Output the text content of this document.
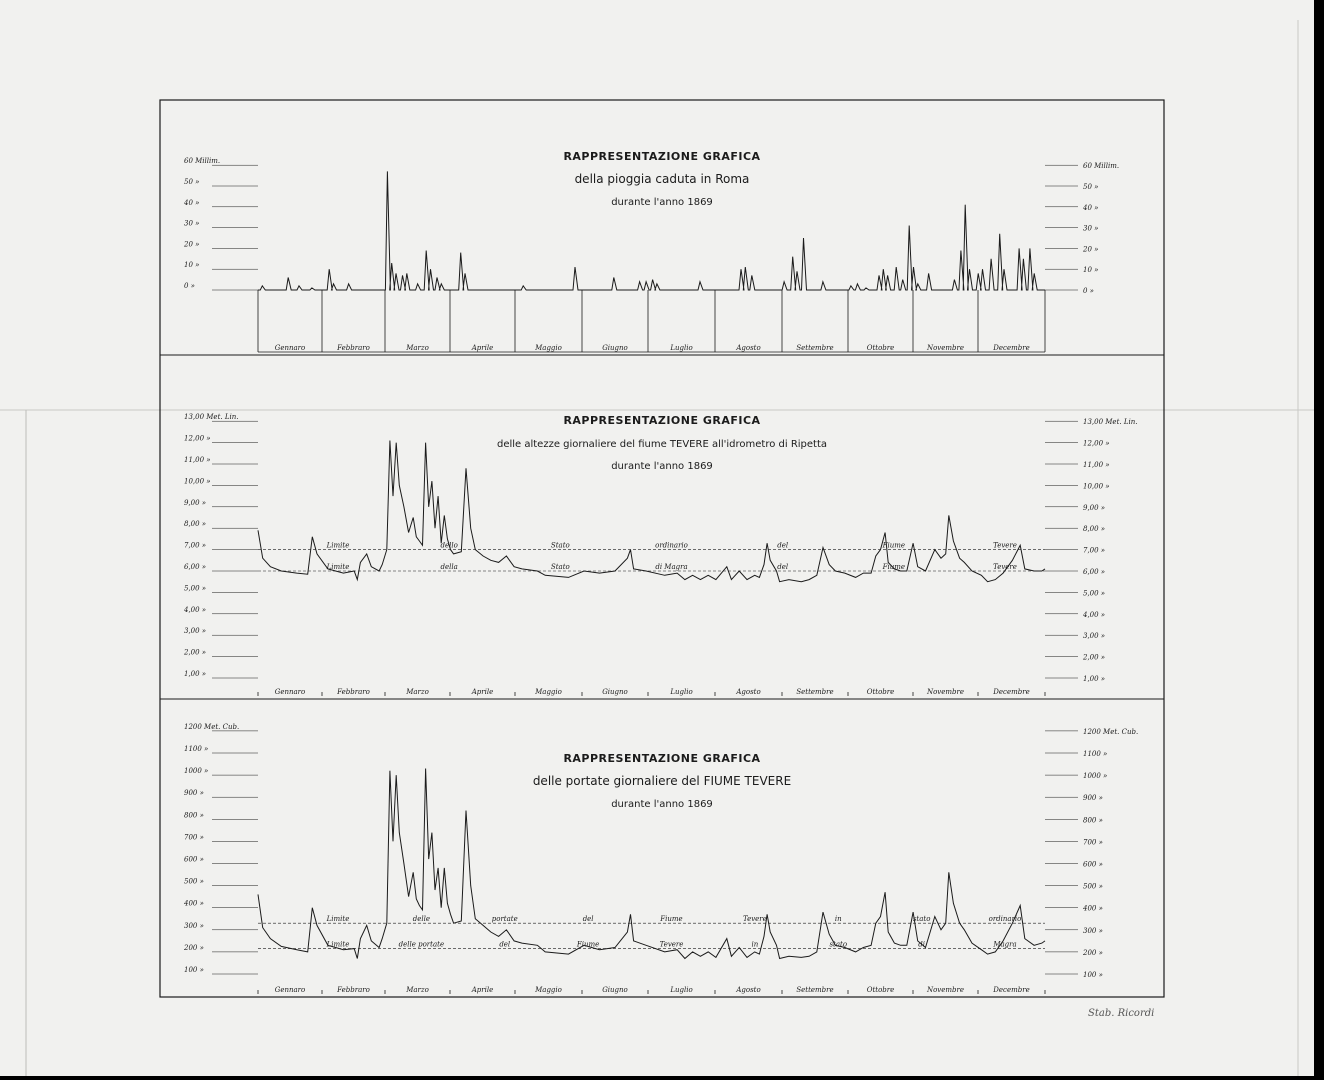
RAPPRESENTAZIONE GRAFICA
della pioggia caduta in Roma
durante l'anno 1869
0 »
0 »
10 »
10 »
20 »
20 »
30 »
30 »
40 »
40 »
50 »
50 »
60 Millim.
60 Millim.
Gennaro	Febbraro	Marzo	Aprile	Maggio	Giugno	Luglio	Agosto	Settembre	Ottobre	Novembre	Decembre
RAPPRESENTAZIONE GRAFICA
delle altezze giornaliere del fiume TEVERE all'idrometro di Ripetta
durante l'anno 1869
1,00 »
1,00 »
2,00 »
2,00 »
3,00 »
3,00 »
4,00 »
4,00 »
5,00 »
5,00 »
6,00 »
6,00 »
7,00 »
7,00 »
8,00 »
8,00 »
9,00 »
9,00 »
10,00 »
10,00 »
11,00 »
11,00 »
12,00 »
12,00 »
13,00 Met. Lin.
13,00 Met. Lin.
Gennaro	Febbraro	Marzo	Aprile	Maggio	Giugno	Luglio	Agosto	Settembre	Ottobre	Novembre	Decembre
Limite	dello	Stato	ordinario	del	Fiume	Tevere
Limite	della	Stato	di Magra	del	Fiume	Tevere
RAPPRESENTAZIONE GRAFICA
delle portate giornaliere del FIUME TEVERE
durante l'anno 1869
100 »
100 »
200 »
200 »
300 »
300 »
400 »
400 »
500 »
500 »
600 »
600 »
700 »
700 »
800 »
800 »
900 »
900 »
1000 »
1000 »
1100 »
1100 »
1200 Met. Cub.
1200 Met. Cub.
Gennaro	Febbraro	Marzo	Aprile	Maggio	Giugno	Luglio	Agosto	Settembre	Ottobre	Novembre	Decembre
Limite	delle	portate	del	Fiume	Tevere	in	stato	ordinario
Limite	delle portate	del	Fiume	Tevere	in	stato	di	Magra
Stab. Ricordi
